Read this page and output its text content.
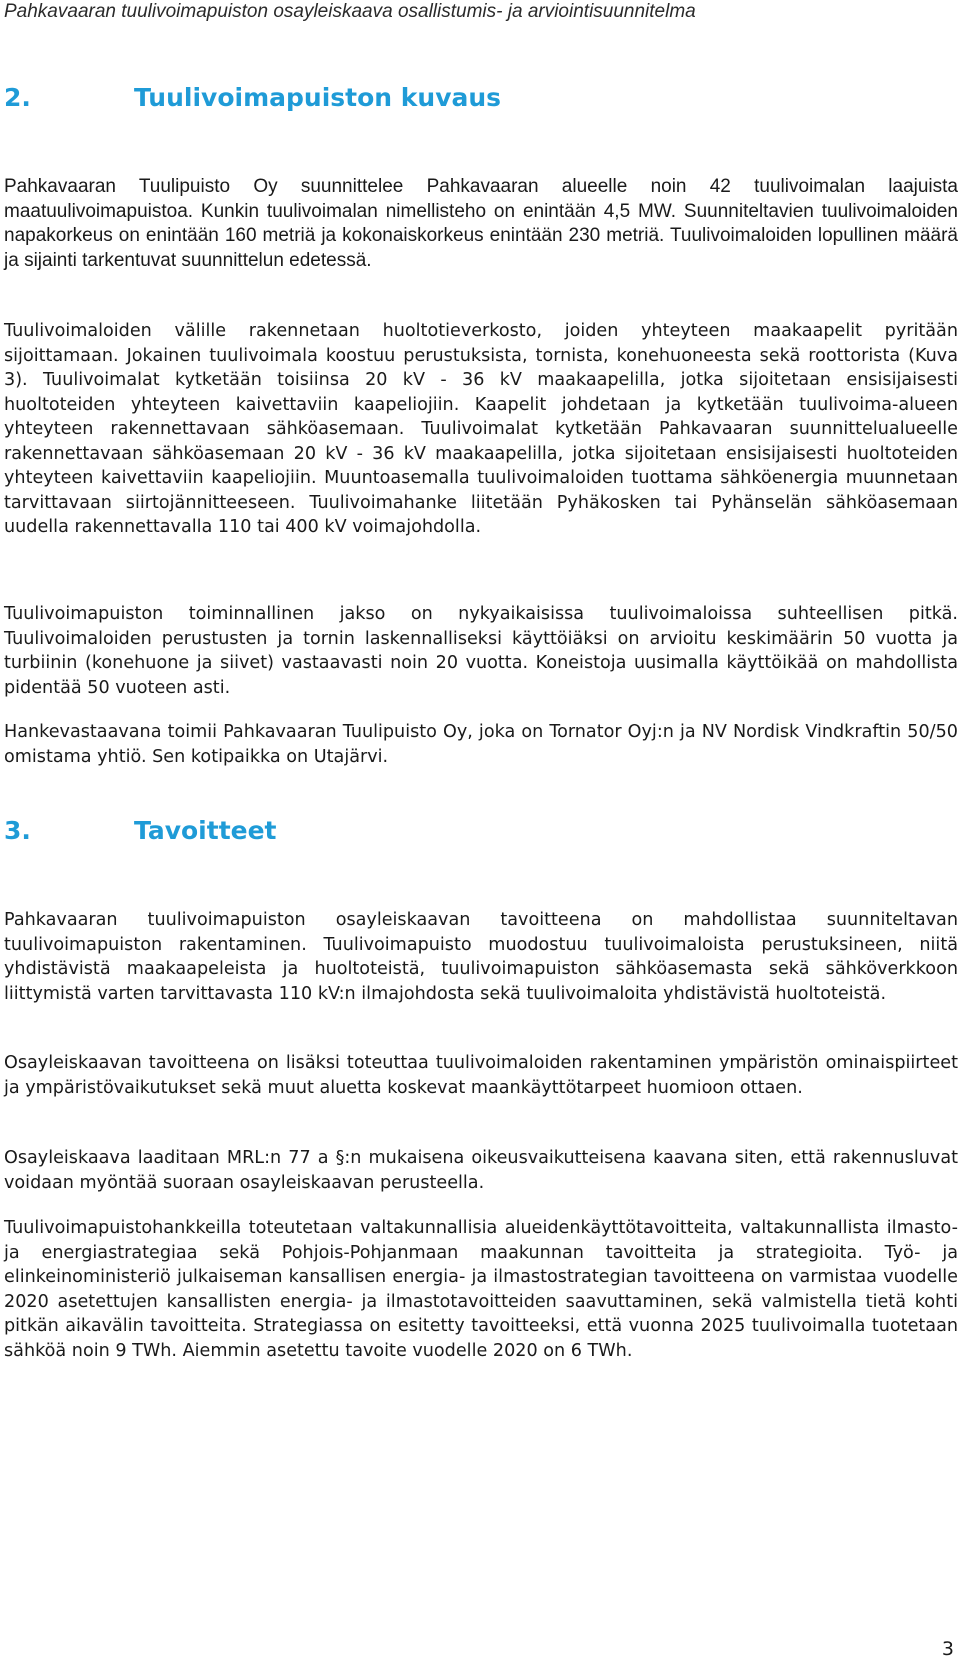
Pahkavaaran tuulivoimapuiston osayleiskaava osallistumis- ja arviointisuunnitelma
2.	Tuulivoimapuiston kuvaus

Pahkavaaran Tuulipuisto Oy suunnittelee Pahkavaaran alueelle noin 42 tuulivoimalan laajuista maatuulivoimapuistoa. Kunkin tuulivoimalan nimellisteho on enintään 4,5 MW. Suunniteltavien tuulivoimaloiden napakorkeus on enintään 160 metriä ja kokonaiskorkeus enintään 230 metriä. Tuulivoimaloiden lopullinen määrä ja sijainti tarkentuvat suunnittelun edetessä.

Tuulivoimaloiden välille rakennetaan huoltotieverkosto, joiden yhteyteen maakaapelit pyritään sijoittamaan. Jokainen tuulivoimala koostuu perustuksista, tornista, konehuoneesta sekä roottorista (Kuva 3). Tuulivoimalat kytketään toisiinsa 20 kV - 36 kV maakaapelilla, jotka sijoitetaan ensisijaisesti huoltoteiden yhteyteen kaivettaviin kaapeliojiin. Kaapelit johdetaan ja kytketään tuulivoima-alueen yhteyteen rakennettavaan sähköasemaan. Tuulivoimalat kytketään Pahkavaaran suunnittelualueelle rakennettavaan sähköasemaan 20 kV - 36 kV maakaapelilla, jotka sijoitetaan ensisijaisesti huoltoteiden yhteyteen kaivettaviin kaapeliojiin. Muuntoasemalla tuulivoimaloiden tuottama sähköenergia muunnetaan tarvittavaan siirtojännitteeseen. Tuulivoimahanke liitetään Pyhäkosken tai Pyhänselän sähköasemaan uudella rakennettavalla 110 tai 400 kV voimajohdolla.

Tuulivoimapuiston toiminnallinen jakso on nykyaikaisissa tuulivoimaloissa suhteellisen pitkä. Tuulivoimaloiden perustusten ja tornin laskennalliseksi käyttöiäksi on arvioitu keskimäärin 50 vuotta ja turbiinin (konehuone ja siivet) vastaavasti noin 20 vuotta. Koneistoja uusimalla käyttöikää on mahdollista pidentää 50 vuoteen asti.

Hankevastaavana toimii Pahkavaaran Tuulipuisto Oy, joka on Tornator Oyj:n ja NV Nordisk Vindkraftin 50/50 omistama yhtiö. Sen kotipaikka on Utajärvi.

3.	Tavoitteet

Pahkavaaran tuulivoimapuiston osayleiskaavan tavoitteena on mahdollistaa suunniteltavan tuulivoimapuiston rakentaminen. Tuulivoimapuisto muodostuu tuulivoimaloista perustuksineen, niitä yhdistävistä maakaapeleista ja huoltoteistä, tuulivoimapuiston sähköasemasta sekä sähköverkkoon liittymistä varten tarvittavasta 110 kV:n ilmajohdosta sekä tuulivoimaloita yhdistävistä huoltoteistä.

Osayleiskaavan tavoitteena on lisäksi toteuttaa tuulivoimaloiden rakentaminen ympäristön ominaispiirteet ja ympäristövaikutukset sekä muut aluetta koskevat maankäyttötarpeet huomioon ottaen.

Osayleiskaava laaditaan MRL:n 77 a §:n mukaisena oikeusvaikutteisena kaavana siten, että rakennusluvat voidaan myöntää suoraan osayleiskaavan perusteella.

Tuulivoimapuistohankkeilla toteutetaan valtakunnallisia alueidenkäyttötavoitteita, valtakunnallista ilmasto- ja energiastrategiaa sekä Pohjois-Pohjanmaan maakunnan tavoitteita ja strategioita. Työ- ja elinkeinoministeriö julkaiseman kansallisen energia- ja ilmastostrategian tavoitteena on varmistaa vuodelle 2020 asetettujen kansallisten energia- ja ilmastotavoitteiden saavuttaminen, sekä valmistella tietä kohti pitkän aikavälin tavoitteita. Strategiassa on esitetty tavoitteeksi, että vuonna 2025 tuulivoimalla tuotetaan sähköä noin 9 TWh. Aiemmin asetettu tavoite vuodelle 2020 on 6 TWh.

3
